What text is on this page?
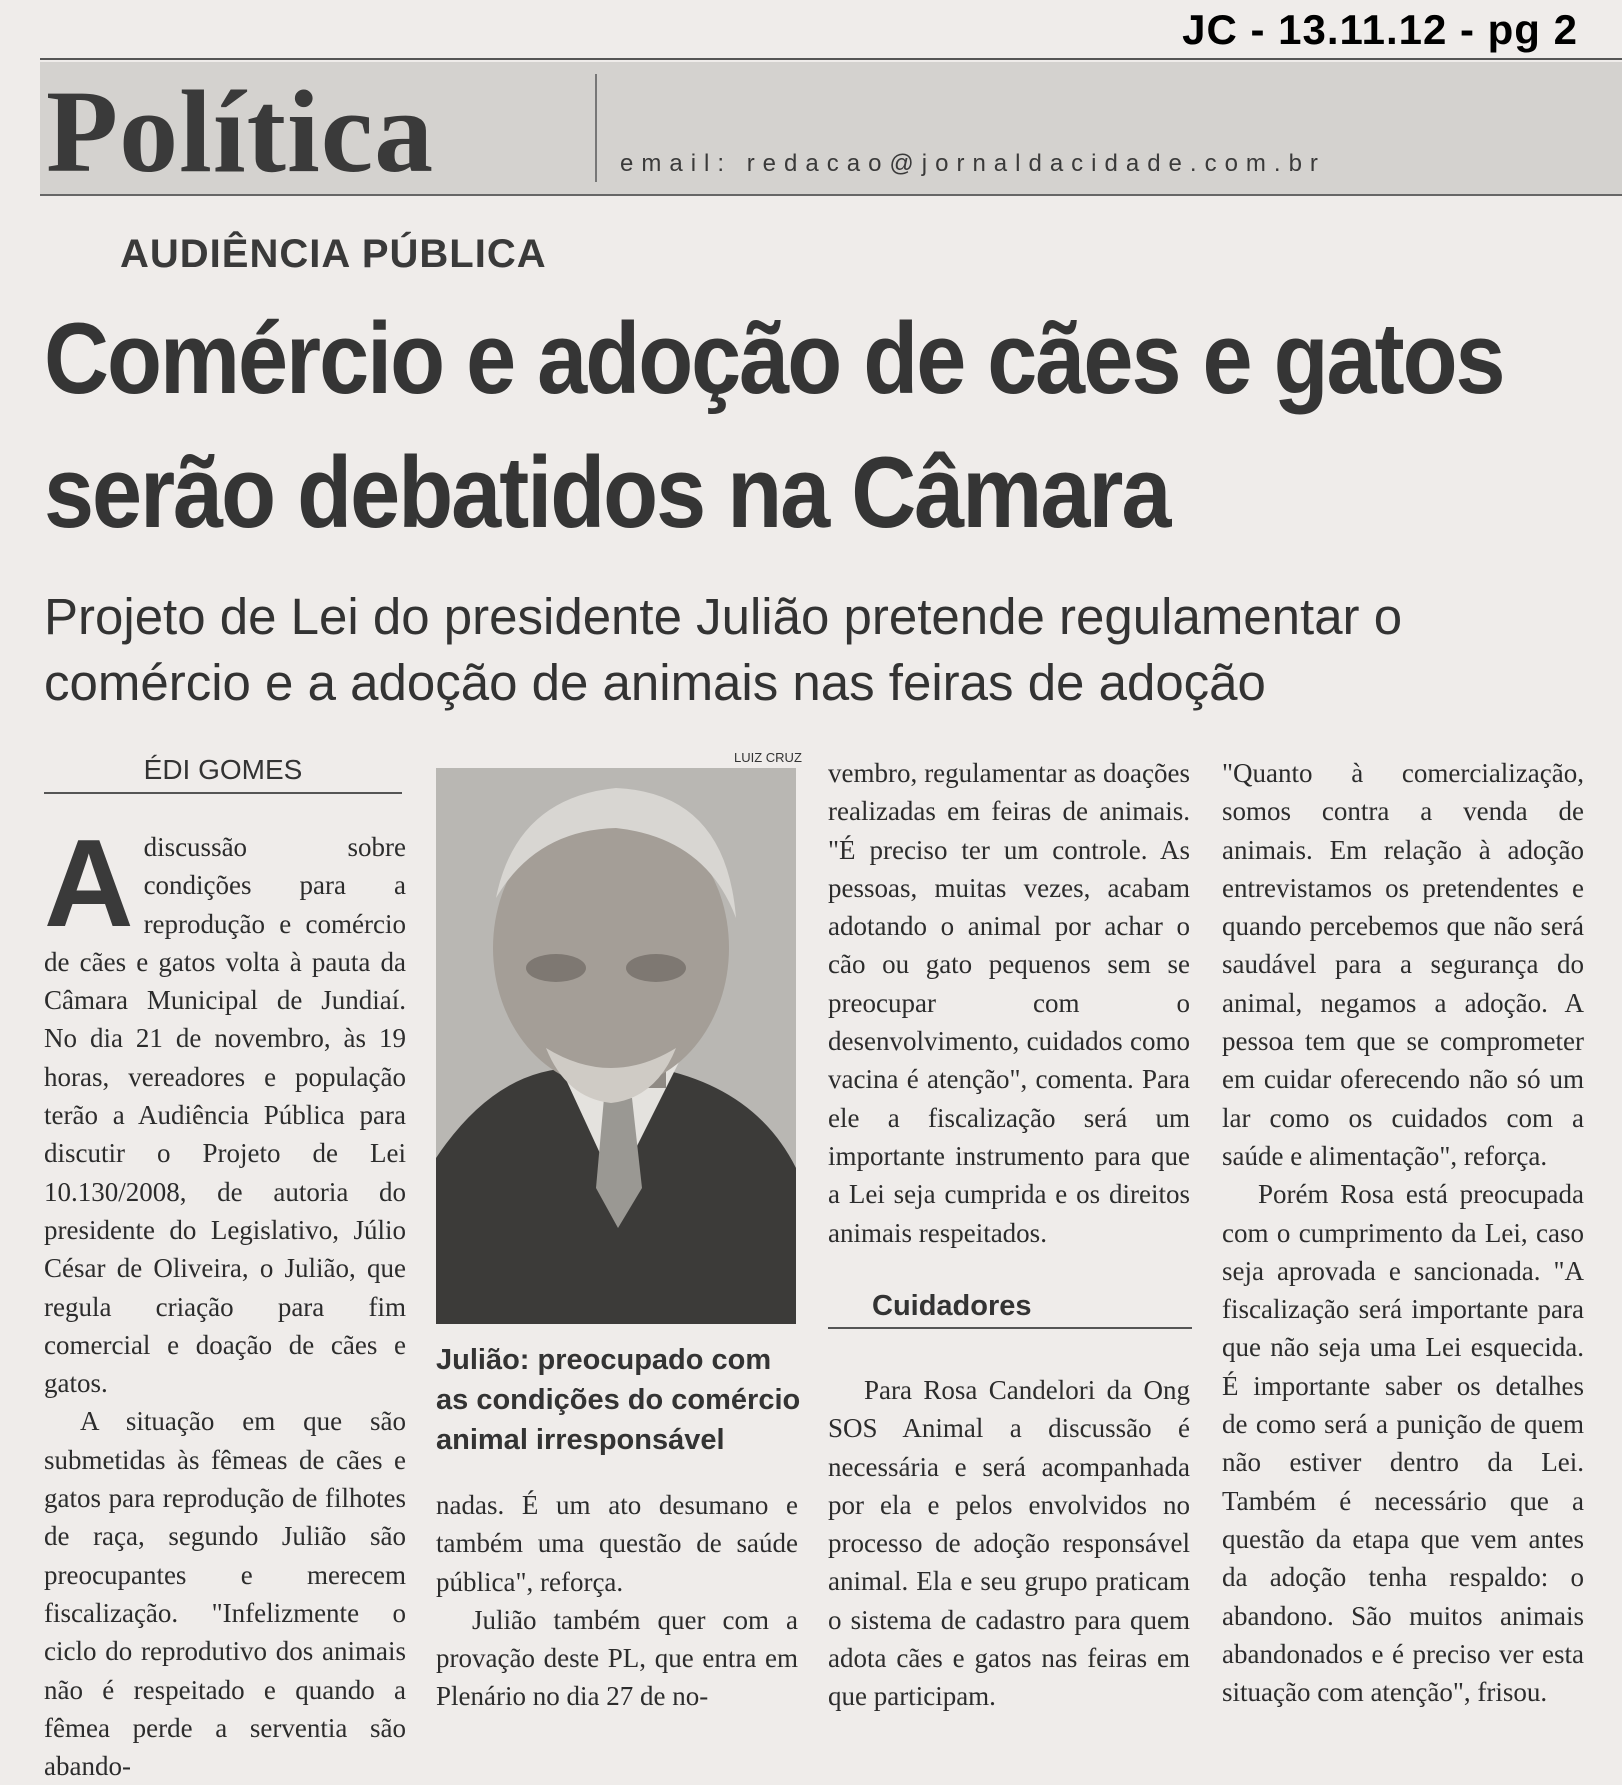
JC - 13.11.12 - pg 2
Política	email: redacao@jornaldacidade.com.br
AUDIÊNCIA PÚBLICA
Comércio e adoção de cães e gatos serão debatidos na Câmara

Projeto de Lei do presidente Julião pretende regulamentar o comércio e a adoção de animais nas feiras de adoção

ÉDI GOMES

Adiscussão sobre condições para a reprodução e comércio de cães e gatos volta à pauta da Câmara Municipal de Jundiaí. No dia 21 de novembro, às 19 horas, vereadores e população terão a Audiência Pública para discutir o Projeto de Lei 10.130/2008, de autoria do presidente do Legislativo, Júlio César de Oliveira, o Julião, que regula criação para fim comercial e doação de cães e gatos.

A situação em que são submetidas às fêmeas de cães e gatos para reprodução de filhotes de raça, segundo Julião são preocupantes e merecem fiscalização. "Infelizmente o ciclo do reprodutivo dos animais não é respeitado e quando a fêmea perde a serventia são abando-

LUIZ CRUZ

Julião: preocupado com as condições do comércio animal irresponsável

nadas. É um ato desumano e também uma questão de saúde pública", reforça.

Julião também quer com a provação deste PL, que entra em Plenário no dia 27 de no-

vembro, regulamentar as doações realizadas em feiras de animais. "É preciso ter um controle. As pessoas, muitas vezes, acabam adotando o animal por achar o cão ou gato pequenos sem se preocupar com o desenvolvimento, cuidados como vacina é atenção", comenta. Para ele a fiscalização será um importante instrumento para que a Lei seja cumprida e os direitos animais respeitados.

Cuidadores

Para Rosa Candelori da Ong SOS Animal a discussão é necessária e será acompanhada por ela e pelos envolvidos no processo de adoção responsável animal. Ela e seu grupo praticam o sistema de cadastro para quem adota cães e gatos nas feiras em que participam.

"Quanto à comercialização, somos contra a venda de animais. Em relação à adoção entrevistamos os pretendentes e quando percebemos que não será saudável para a segurança do animal, negamos a adoção. A pessoa tem que se comprometer em cuidar oferecendo não só um lar como os cuidados com a saúde e alimentação", reforça.

Porém Rosa está preocupada com o cumprimento da Lei, caso seja aprovada e sancionada. "A fiscalização será importante para que não seja uma Lei esquecida. É importante saber os detalhes de como será a punição de quem não estiver dentro da Lei. Também é necessário que a questão da etapa que vem antes da adoção tenha respaldo: o abandono. São muitos animais abandonados e é preciso ver esta situação com atenção", frisou.
